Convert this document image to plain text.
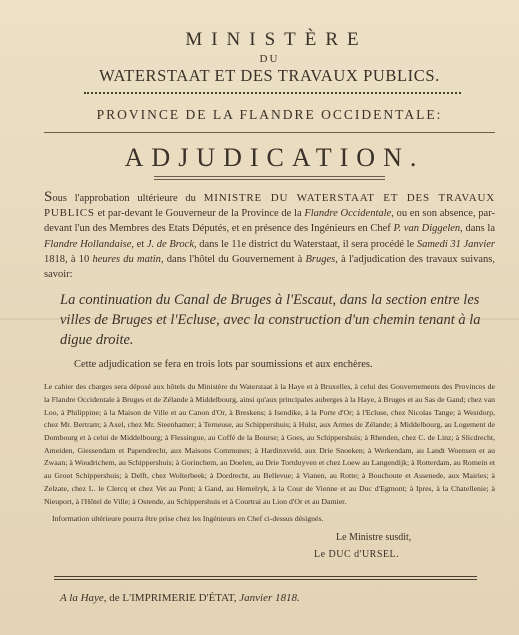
MINISTÈRE
DU
WATERSTAAT ET DES TRAVAUX PUBLICS.
PROVINCE DE LA FLANDRE OCCIDENTALE:
ADJUDICATION.
Sous l'approbation ultérieure du MINISTRE DU WATERSTAAT ET DES TRAVAUX PUBLICS et par-devant le Gouverneur de la Province de la Flandre Occidentale, ou en son absence, par-devant l'un des Membres des Etats Députés, et en présence des Ingénieurs en Chef P. van Diggelen, dans la Flandre Hollandaise, et J. de Brock, dans le 11e district du Waterstaat, il sera procédé le Samedi 31 Janvier 1818, à 10 heures du matin, dans l'hôtel du Gouvernement à Bruges, à l'adjudication des travaux suivans, savoir:
La continuation du Canal de Bruges à l'Escaut, dans la section entre les villes de Bruges et l'Ecluse, avec la construction d'un chemin tenant à la digue droite.
Cette adjudication se fera en trois lots par soumissions et aux enchères.
Le cahier des charges sera déposé aux hôtels du Ministère du Waterstaat à la Haye et à Bruxelles, à celui des Gouvernements des Provinces de la Flandre Occidentale à Bruges et de Zélande à Middelbourg, ainsi qu'aux principales auberges à la Haye, à Bruges et au Sas de Gand; chez van Loo, à Philippine; à la Maison de Ville et au Canon d'Or, à Breskens; à Isendike, à la Porte d'Or; à l'Ecluse, chez Nicolas Tange; à Westdorp, chez Mr. Bertram; à Axel, chez Mr. Steenhamer; à Terneuse, au Schippershuis; à Hulst, aux Armes de Zélande; à Middelbourg, au Logement de Dombourg et à celui de Middelbourg; à Flessingue, au Coffé de la Bourse; à Goes, au Schippershuis; à Rhenden, chez C. de Linz; à Slicdrecht, Ameiden, Giessendam et Papendrecht, aux Maisons Communes; à Hardinxveld, aux Drie Snoeken; à Werkendam, au Landt Woensen et au Zwaan; à Woudrichem, au Schippershuis; à Gorinchem, au Doelen, au Drie Tortduyven et chez Loew au Langendijk; à Rotterdam, au Romein et au Groot Schippershuis; à Delft, chez Wolterbeek; à Dordrecht, au Bellevue; à Vianen, au Rotte; à Bouchoute et Assenede, aux Mairies; à Zelzate, chez L. le Clercq et chez Vet au Pont; à Gand, au Hemelryk, à la Cour de Vienne et au Duc d'Egmont; à Ipres, à la Chatellenie; à Nieuport, à l'Hôtel de Ville; à Ostende, au Schippershuis et à Courtrai au Lion d'Or et au Damier.
Information ultérieure pourra être prise chez les Ingénieurs en Chef ci-dessus désignés.
Le Ministre susdit,
Le DUC d'URSEL.
A la Haye, de L'IMPRIMERIE D'ÉTAT, Janvier 1818.
